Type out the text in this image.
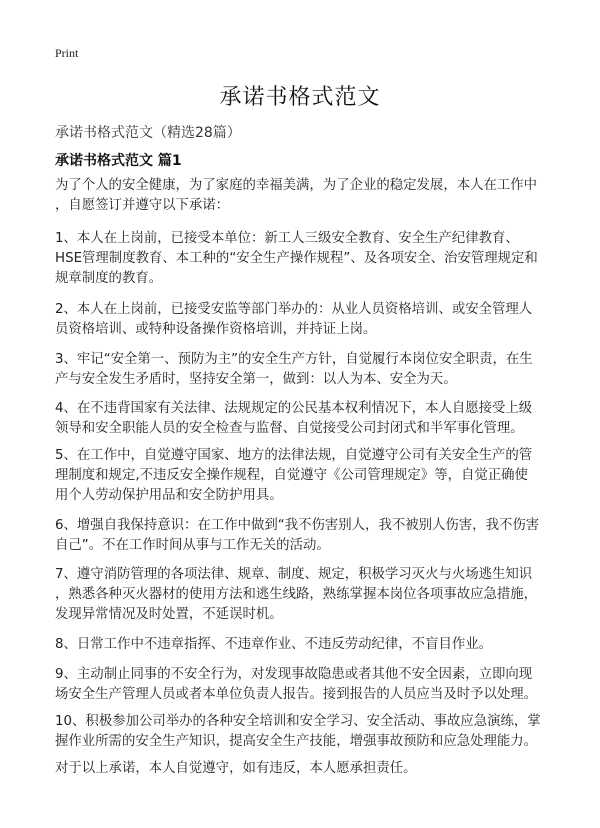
Print
承诺书格式范文
承诺书格式范文（精选28篇）
承诺书格式范文 篇1
为了个人的安全健康，为了家庭的幸福美满，为了企业的稳定发展，本人在工作中
，自愿签订并遵守以下承诺：
1、本人在上岗前，已接受本单位：新工人三级安全教育、安全生产纪律教育、
HSE管理制度教育、本工种的“安全生产操作规程”、及各项安全、治安管理规定和
规章制度的教育。
2、本人在上岗前，已接受安监等部门举办的：从业人员资格培训、或安全管理人
员资格培训、或特种设备操作资格培训，并持证上岗。
3、牢记“安全第一、预防为主”的安全生产方针，自觉履行本岗位安全职责，在生
产与安全发生矛盾时，坚持安全第一，做到：以人为本、安全为天。
4、在不违背国家有关法律、法规规定的公民基本权利情况下，本人自愿接受上级
领导和安全职能人员的安全检查与监督、自觉接受公司封闭式和半军事化管理。
5、在工作中，自觉遵守国家、地方的法律法规，自觉遵守公司有关安全生产的管
理制度和规定,不违反安全操作规程，自觉遵守《公司管理规定》等，自觉正确使
用个人劳动保护用品和安全防护用具。
6、增强自我保持意识：在工作中做到“我不伤害别人，我不被别人伤害，我不伤害
自己”。不在工作时间从事与工作无关的活动。
7、遵守消防管理的各项法律、规章、制度、规定，积极学习灭火与火场逃生知识
，熟悉各种灭火器材的使用方法和逃生线路，熟练掌握本岗位各项事故应急措施，
发现异常情况及时处置，不延误时机。
8、日常工作中不违章指挥、不违章作业、不违反劳动纪律，不盲目作业。
9、主动制止同事的不安全行为，对发现事故隐患或者其他不安全因素，立即向现
场安全生产管理人员或者本单位负责人报告。接到报告的人员应当及时予以处理。
10、积极参加公司举办的各种安全培训和安全学习、安全活动、事故应急演练，掌
握作业所需的安全生产知识，提高安全生产技能，增强事故预防和应急处理能力。
对于以上承诺，本人自觉遵守，如有违反，本人愿承担责任。
